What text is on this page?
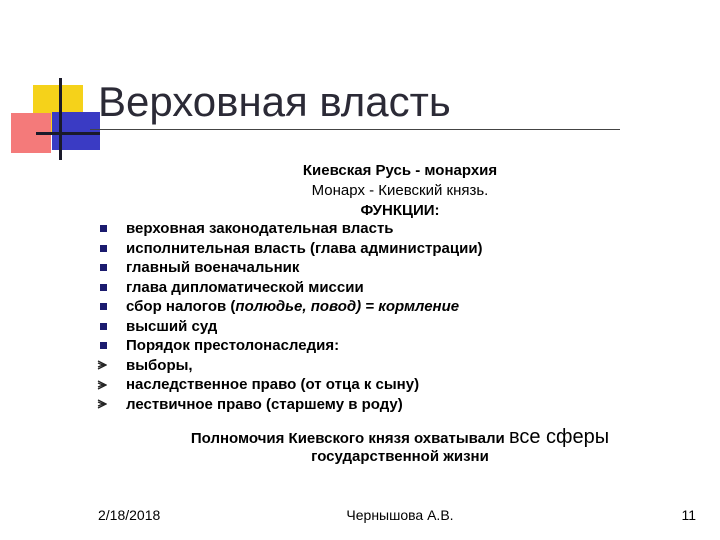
Верховная власть
Киевская Русь - монархия
Монарх - Киевский князь.
ФУНКЦИИ:
верховная законодательная власть
исполнительная власть (глава администрации)
главный военачальник
глава дипломатической миссии
сбор налогов ( полюдье, повод) = кормление
высший суд
Порядок престолонаследия:
выборы,
наследственное право (от отца к сыну)
лествичное право (старшему в роду)

Полномочия Киевского князя охватывали все сферы
государственной жизни

2/18/2018	Чернышова А.В.	11
